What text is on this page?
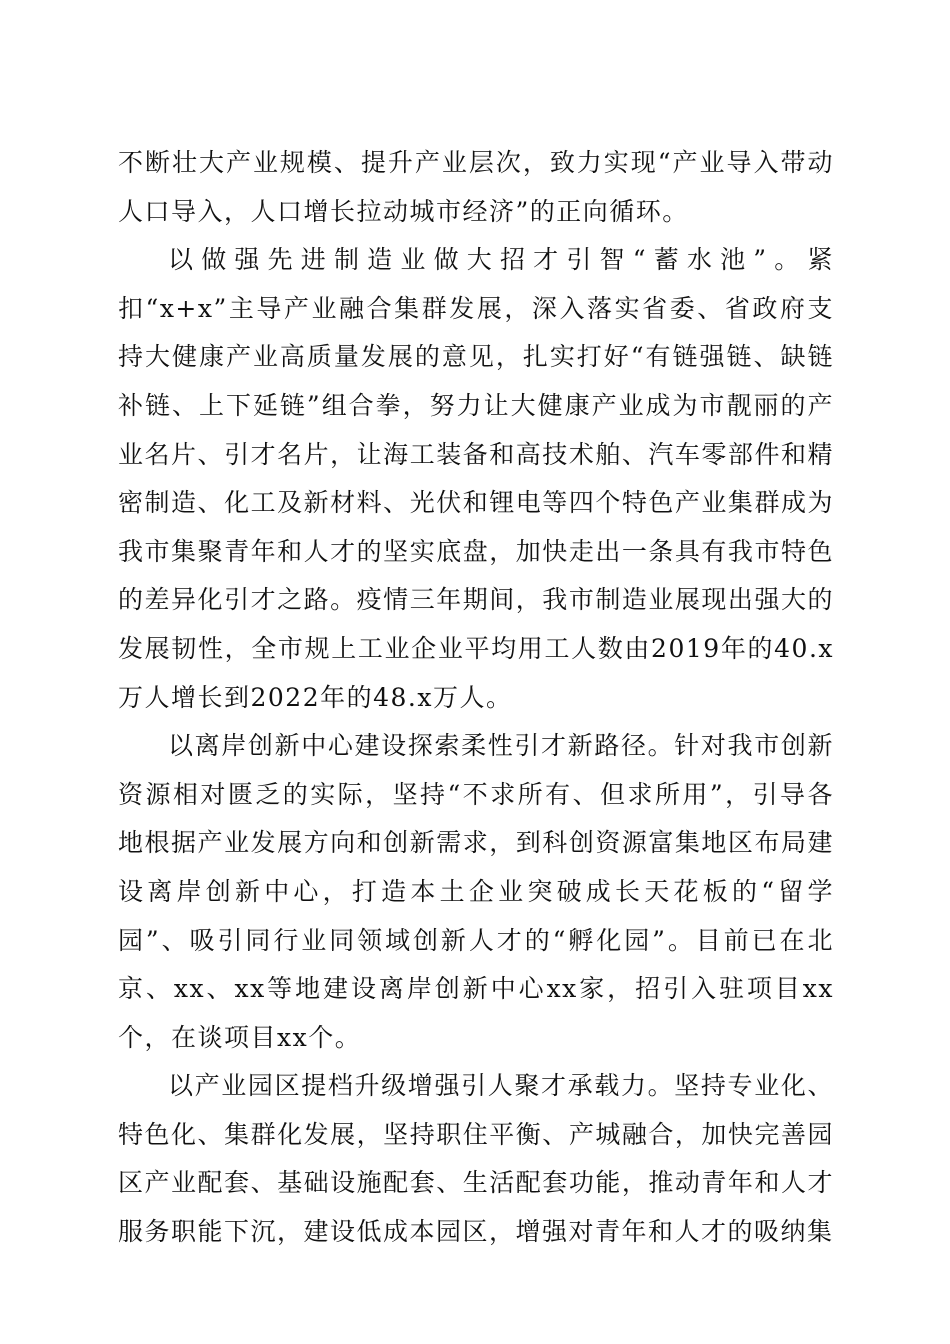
不断壮大产业规模、提升产业层次，致力实现“产业导入带动人口导入，人口增长拉动城市经济”的正向循环。

以做强先进制造业做大招才引智“蓄水池”。紧扣“x+x”主导产业融合集群发展，深入落实省委、省政府支持大健康产业高质量发展的意见，扎实打好“有链强链、缺链补链、上下延链”组合拳，努力让大健康产业成为市靓丽的产业名片、引才名片，让海工装备和高技术舶、汽车零部件和精密制造、化工及新材料、光伏和锂电等四个特色产业集群成为我市集聚青年和人才的坚实底盘，加快走出一条具有我市特色的差异化引才之路。疫情三年期间，我市制造业展现出强大的发展韧性，全市规上工业企业平均用工人数由2019年的40.x万人增长到2022年的48.x万人。

以离岸创新中心建设探索柔性引才新路径。针对我市创新资源相对匮乏的实际，坚持“不求所有、但求所用”，引导各地根据产业发展方向和创新需求，到科创资源富集地区布局建设离岸创新中心，打造本土企业突破成长天花板的“留学园”、吸引同行业同领域创新人才的“孵化园”。目前已在北京、xx、xx等地建设离岸创新中心xx家，招引入驻项目xx个，在谈项目xx个。

以产业园区提档升级增强引人聚才承载力。坚持专业化、特色化、集群化发展，坚持职住平衡、产城融合，加快完善园区产业配套、基础设施配套、生活配套功能，推动青年和人才服务职能下沉，建设低成本园区，增强对青年和人才的吸纳集
